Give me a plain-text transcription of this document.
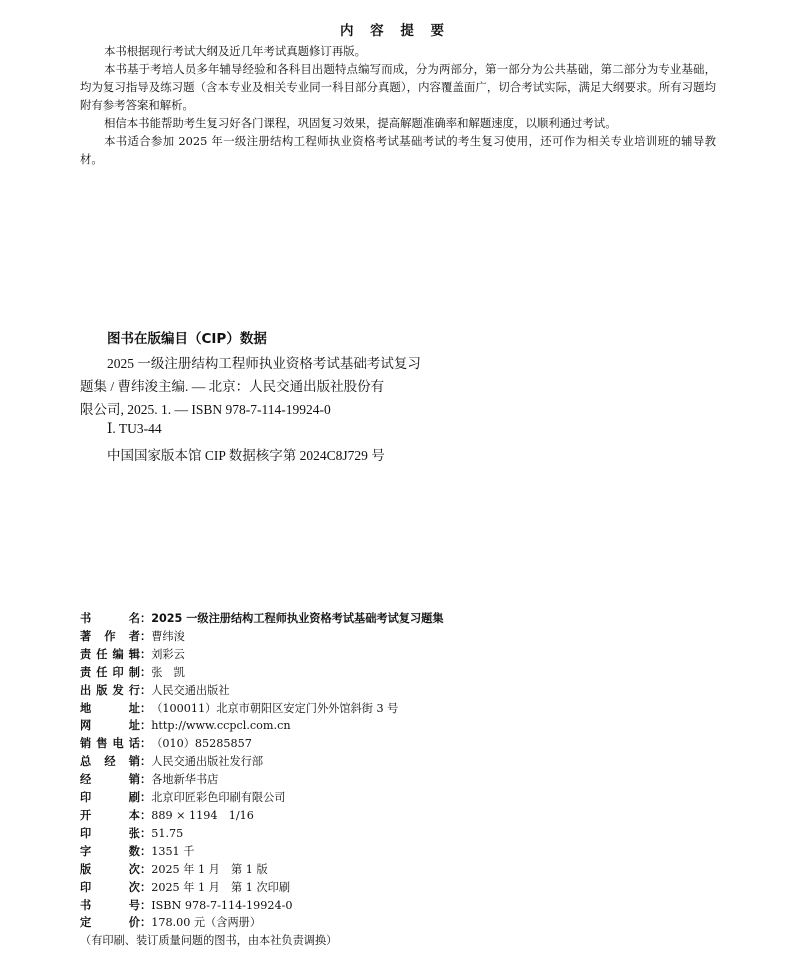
内 容 提 要

本书根据现行考试大纲及近几年考试真题修订再版。

本书基于考培人员多年辅导经验和各科目出题特点编写而成，分为两部分，第一部分为公共基础，第二部分为专业基础，均为复习指导及练习题（含本专业及相关专业同一科目部分真题），内容覆盖面广，切合考试实际，满足大纲要求。所有习题均附有参考答案和解析。

相信本书能帮助考生复习好各门课程，巩固复习效果，提高解题准确率和解题速度，以顺利通过考试。

本书适合参加 2025 年一级注册结构工程师执业资格考试基础考试的考生复习使用，还可作为相关专业培训班的辅导教材。

图书在版编目（CIP）数据
2025 一级注册结构工程师执业资格考试基础考试复习
题集 / 曹纬浚主编. — 北京：人民交通出版社股份有
限公司, 2025. 1. — ISBN 978-7-114-19924-0
Ⅰ. TU3-44
中国国家版本馆 CIP 数据核字第 2024C8J729 号
书	名 ： 2025 一级注册结构工程师执业资格考试基础考试复习题集
著 作 者 ： 曹纬浚
责 任 编 辑 ： 刘彩云
责 任 印 制 ： 张　凯
出 版 发 行 ： 人民交通出版社
地	址 ： （100011）北京市朝阳区安定门外外馆斜街 3 号
网	址 ： http://www.ccpcl.com.cn
销 售 电 话 ： （010）85285857
总 经 销 ： 人民交通出版社发行部
经	销 ： 各地新华书店
印	刷 ： 北京印匠彩色印刷有限公司
开	本 ： 889 × 1194　1/16
印	张 ： 51.75
字	数 ： 1351 千
版	次 ： 2025 年 1 月　第 1 版
印	次 ： 2025 年 1 月　第 1 次印刷
书	号 ： ISBN 978-7-114-19924-0
定	价 ： 178.00 元（含两册）
（有印刷、装订质量问题的图书，由本社负责调换）
